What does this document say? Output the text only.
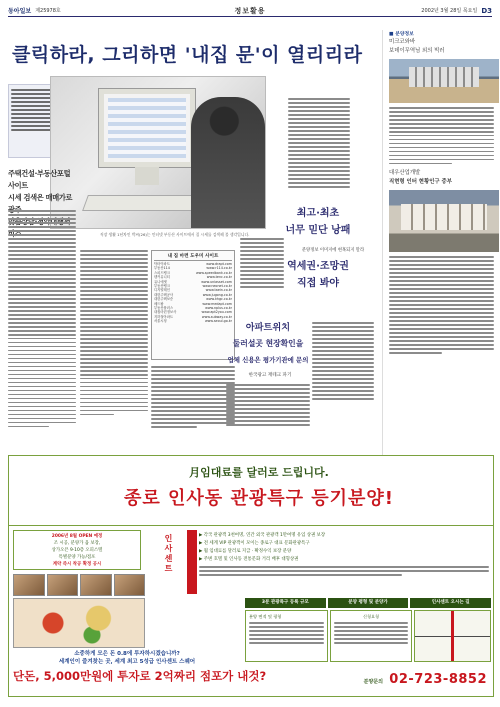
동아일보 제25978호	정보활용	2002년 3월 28일 목요일 D3
클릭하라, 그리하면 '내집 문'이 열리리라
직장 생활 1년차인 박씨(26)는 인터넷 부동산 사이트에서 집 시세를 검색해 볼 생각입니다.
주택건설·부동산포털사이트
시세 검색은 매매가로
내 집 마련 도우미 사이트
닥터아파트	www.drapt.com
부동산114	www.r114.co.kr
스피드뱅크	www.speedbank.co.kr
텐커뮤니티	www.tenc.co.kr
유니에셋	www.uniasset.com
부동산뱅크	www.neonet.co.kr
디지털태인	www.taein.co.kr
대한주택공사	www.jugong.co.kr
대한주택보증	www.khgc.co.kr
메드팜	www.medapt.com
부동산플러스	www.nplus.co.kr
내집마련정보사	www.apt2you.com
지하철아파트	www.subway.co.kr
서울시청	www.seoul.go.kr
최고·최초
너무 믿단 낭패
분양정보 이미지에 현혹되지 말라
역세권·조망권
직접 봐야
아파트위치
둘러설곳 현장확인을
업체 신용은 평가기관에 문의
한국광고 재테크 파기
■ 분양정보
미크코와바
보데이무역님 외의 빅러
대우산업개발
직현형 인터 현황인구 중부
月임대료를 달러로 드립니다.
종로 인사동 관광특구 등기분양!
2006년 8월 OPEN 예정
조 시공, 분양가 옵 보장,
상가오픈 9·10층 오피스텔
특별분양 가능/점포
계약 즉시 착공 확정 공시	인사센트	▶ 각국 관광객 3천여명, 연간 외국 관광객 1만여명 유입 상권 보장
▶ 전 세계 VIP 관광객이 모이는 종로구 대표 문화관광특구
▶ 월 임대료를 달러로 지급 · 확정수익 보장 분양
▶ 주변 호텔 및 인사동 전통문화 거리 배후 대형상권
소중하게 모은 돈 0.8에 투자하시겠습니까?
세계인이 즐겨찾는 곳, 세계 최고 5성급 인사센트 스퀘어
단돈, 5,000만원에 투자로 2억짜리 점포가 내것?
3분 관광특구 등록 규모	분양 평형 및 분양가	인사센트 오시는 길
분양 면적 및 평형	신청요청
분양문의 02-723-8852
